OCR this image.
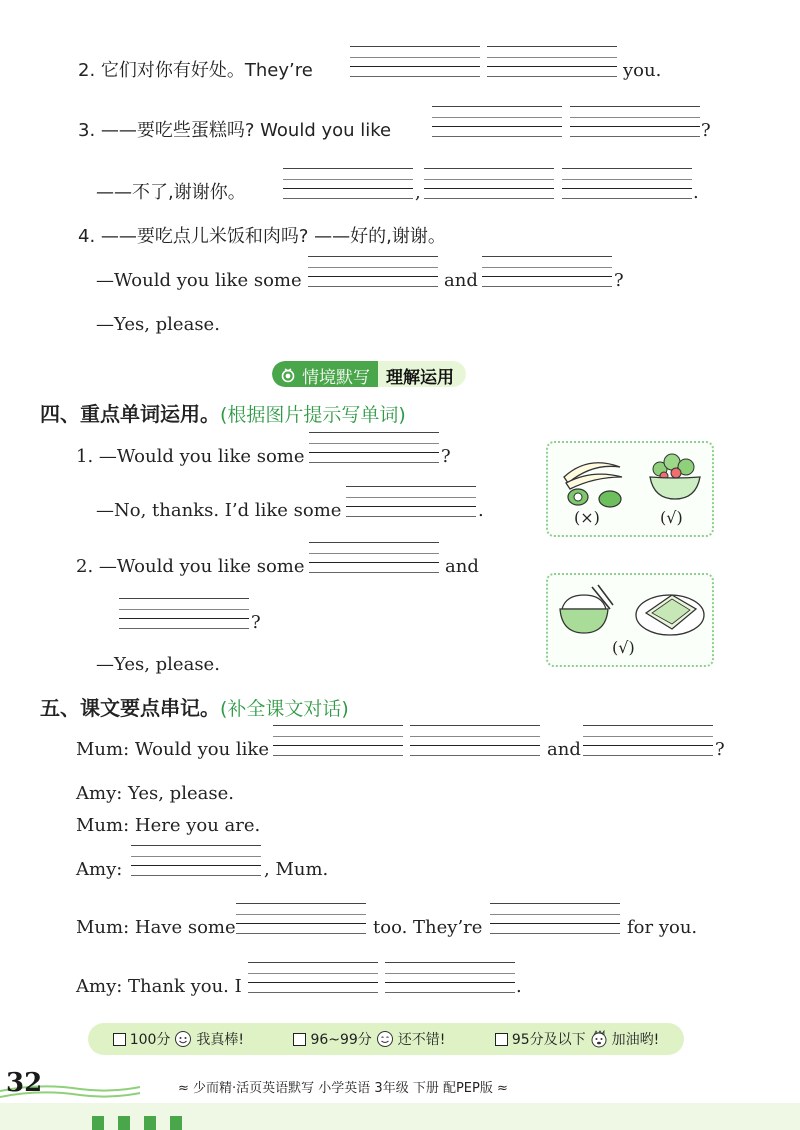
2. 它们对你有好处。They’re	you.
3. ——要吃些蛋糕吗? Would you like	?
,
——不了,谢谢你。	.
4. ——要吃点儿米饭和肉吗? ——好的,谢谢。
—Would you like some	and	?
—Yes, please.
情境默写 理解运用
四、重点单词运用。(根据图片提示写单词)
1. —Would you like some	?
—No, thanks. I’d like some	.	(×)	(√)
2. —Would you like some	and
?
—Yes, please.
(√)
五、课文要点串记。(补全课文对话)
Mum: Would you like	and	?
Amy: Yes, please.
Mum: Here you are.
Amy:	, Mum.
Mum: Have some	too. They’re	for you.
Amy: Thank you. I	.
100分 我真棒!	96~99分 还不错!	95分及以下 加油哟!
32	≈ 少而精·活页英语默写 小学英语 3年级 下册 配PEP版 ≈
